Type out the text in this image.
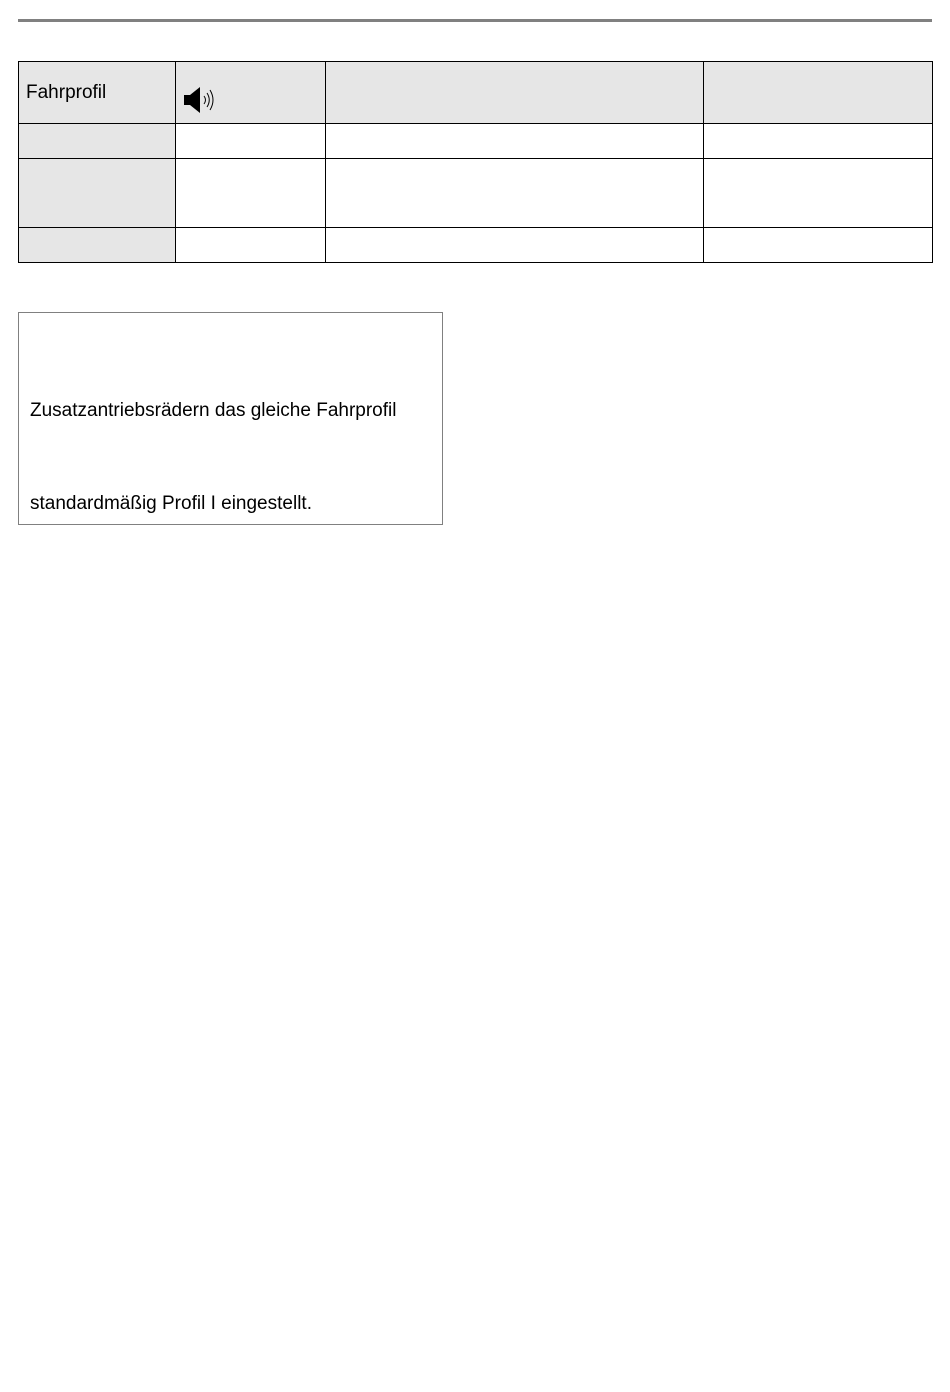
Fahrprofil			

Zusatzantriebsrädern das gleiche Fahrprofil
standardmäßig Profil I eingestellt.
